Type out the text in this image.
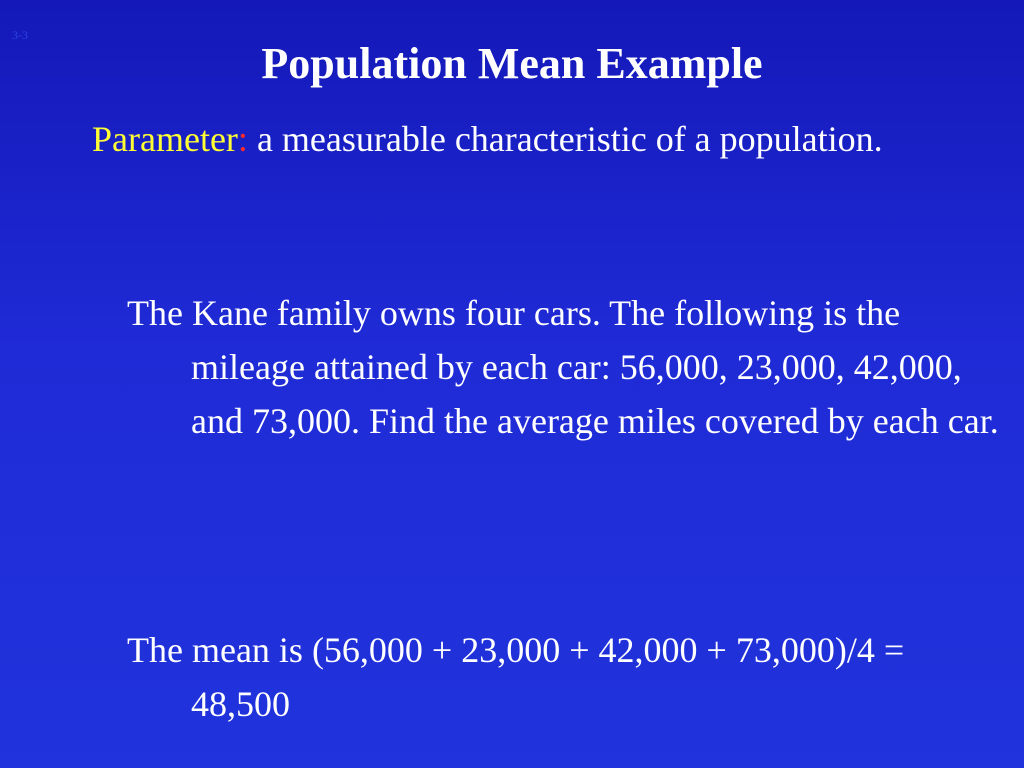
3-3
Population Mean Example

Parameter: a measurable characteristic of a population.

The Kane family owns four cars. The following is the mileage attained by each car: 56,000, 23,000, 42,000, and 73,000. Find the average miles covered by each car.

The mean is (56,000 + 23,000 + 42,000 + 73,000)/4 = 48,500
